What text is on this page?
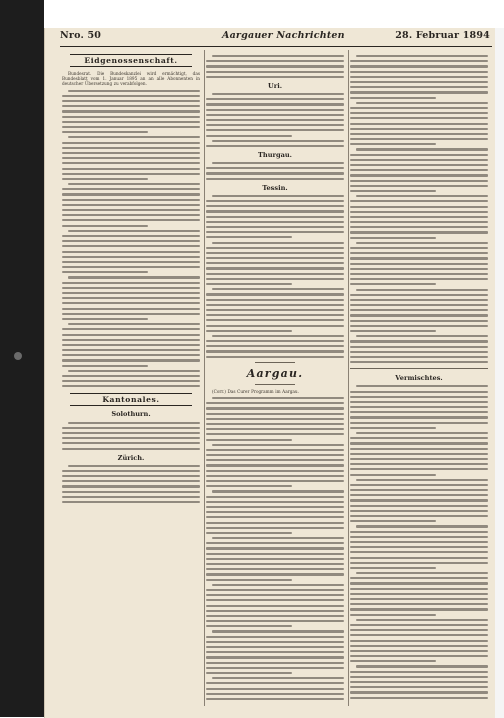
Nro. 50	Aargauer Nachrichten	28. Februar 1894
Eidgenossenschaft.

Bundesrat. Die Bundeskanzlei wird ermächtigt, das Bundesblatt vom 1. Januar 1895 an an alle Abonnenten in deutscher Übersetzung zu verabfolgen.

Kantonales.
Solothurn.
Zürich.
Uri.
Thurgau.
Tessin.
Aargau.

(Corr.) Das Curer Programm im Aargau.

Vermischtes.
